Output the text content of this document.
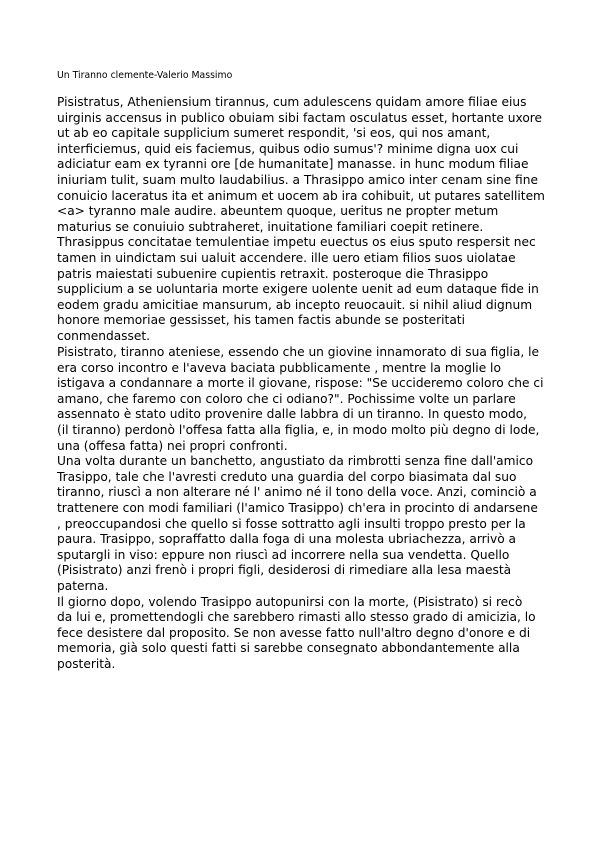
Un Tiranno clemente-Valerio Massimo
Pisistratus, Atheniensium tirannus, cum adulescens quidam amore filiae eius
uirginis accensus in publico obuiam sibi factam osculatus esset, hortante uxore
ut ab eo capitale supplicium sumeret respondit, 'si eos, qui nos amant,
interficiemus, quid eis faciemus, quibus odio sumus'? minime digna uox cui
adiciatur eam ex tyranni ore [de humanitate] manasse. in hunc modum filiae
iniuriam tulit, suam multo laudabilius. a Thrasippo amico inter cenam sine fine
conuicio laceratus ita et animum et uocem ab ira cohibuit, ut putares satellitem
<a> tyranno male audire. abeuntem quoque, ueritus ne propter metum
maturius se conuiuio subtraheret, inuitatione familiari coepit retinere.
Thrasippus concitatae temulentiae impetu euectus os eius sputo respersit nec
tamen in uindictam sui ualuit accendere. ille uero etiam filios suos uiolatae
patris maiestati subuenire cupientis retraxit. posteroque die Thrasippo
supplicium a se uoluntaria morte exigere uolente uenit ad eum dataque fide in
eodem gradu amicitiae mansurum, ab incepto reuocauit. si nihil aliud dignum
honore memoriae gessisset, his tamen factis abunde se posteritati
conmendasset.
Pisistrato, tiranno ateniese, essendo che un giovine innamorato di sua figlia, le
era corso incontro e l'aveva baciata pubblicamente , mentre la moglie lo
istigava a condannare a morte il giovane, rispose: "Se uccideremo coloro che ci
amano, che faremo con coloro che ci odiano?". Pochissime volte un parlare
assennato è stato udito provenire dalle labbra di un tiranno. In questo modo,
(il tiranno) perdonò l'offesa fatta alla figlia, e, in modo molto più degno di lode,
una (offesa fatta) nei propri confronti.
Una volta durante un banchetto, angustiato da rimbrotti senza fine dall'amico
Trasippo, tale che l'avresti creduto una guardia del corpo biasimata dal suo
tiranno, riuscì a non alterare né l' animo né il tono della voce. Anzi, cominciò a
trattenere con modi familiari (l'amico Trasippo) ch'era in procinto di andarsene
, preoccupandosi che quello si fosse sottratto agli insulti troppo presto per la
paura. Trasippo, sopraffatto dalla foga di una molesta ubriachezza, arrivò a
sputargli in viso: eppure non riuscì ad incorrere nella sua vendetta. Quello
(Pisistrato) anzi frenò i propri figli, desiderosi di rimediare alla lesa maestà
paterna.
Il giorno dopo, volendo Trasippo autopunirsi con la morte, (Pisistrato) si recò
da lui e, promettendogli che sarebbero rimasti allo stesso grado di amicizia, lo
fece desistere dal proposito. Se non avesse fatto null'altro degno d'onore e di
memoria, già solo questi fatti si sarebbe consegnato abbondantemente alla
posterità.
